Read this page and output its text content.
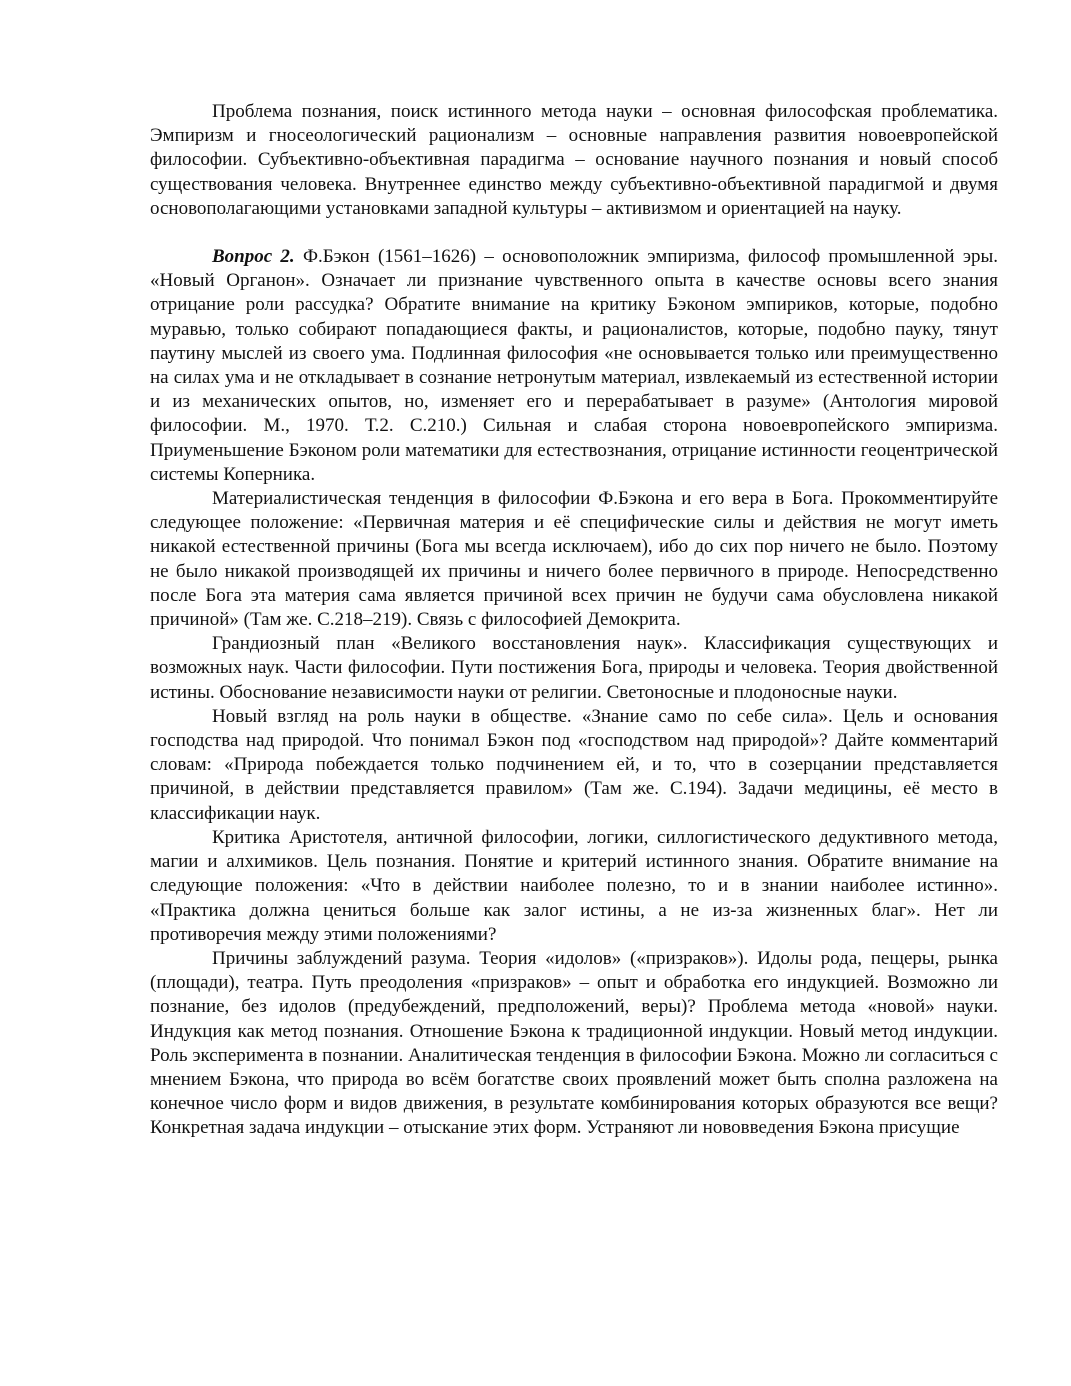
Проблема познания, поиск истинного метода науки – основная философская проблематика. Эмпиризм и гносеологический рационализм – основные направления развития новоевропейской философии. Субъективно-объективная парадигма – основание научного познания и новый способ существования человека. Внутреннее единство между субъективно-объективной парадигмой и двумя основополагающими установками западной культуры – активизмом и ориентацией на науку.

Вопрос 2. Ф.Бэкон (1561–1626) – основоположник эмпиризма, философ промышленной эры. «Новый Органон». Означает ли признание чувственного опыта в качестве основы всего знания отрицание роли рассудка? Обратите внимание на критику Бэконом эмпириков, которые, подобно муравью, только собирают попадающиеся факты, и рационалистов, которые, подобно пауку, тянут паутину мыслей из своего ума. Подлинная философия «не основывается только или преимущественно на силах ума и не откладывает в сознание нетронутым материал, извлекаемый из естественной истории и из механических опытов, но, изменяет его и перерабатывает в разуме» (Антология мировой философии. М., 1970. Т.2. С.210.) Сильная и слабая сторона новоевропейского эмпиризма. Приуменьшение Бэконом роли математики для естествознания, отрицание истинности геоцентрической системы Коперника.

Материалистическая тенденция в философии Ф.Бэкона и его вера в Бога. Прокомментируйте следующее положение: «Первичная материя и её специфические силы и действия не могут иметь никакой естественной причины (Бога мы всегда исключаем), ибо до сих пор ничего не было. Поэтому не было никакой производящей их причины и ничего более первичного в природе. Непосредственно после Бога эта материя сама является причиной всех причин не будучи сама обусловлена никакой причиной» (Там же. С.218–219). Связь с философией Демокрита.

Грандиозный план «Великого восстановления наук». Классификация существующих и возможных наук. Части философии. Пути постижения Бога, природы и человека. Теория двойственной истины. Обоснование независимости науки от религии. Светоносные и плодоносные науки.

Новый взгляд на роль науки в обществе. «Знание само по себе сила». Цель и основания господства над природой. Что понимал Бэкон под «господством над природой»? Дайте комментарий словам: «Природа побеждается только подчинением ей, и то, что в созерцании представляется причиной, в действии представляется правилом» (Там же. С.194). Задачи медицины, её место в классификации наук.

Критика Аристотеля, античной философии, логики, силлогистического дедуктивного метода, магии и алхимиков. Цель познания. Понятие и критерий истинного знания. Обратите внимание на следующие положения: «Что в действии наиболее полезно, то и в знании наиболее истинно». «Практика должна цениться больше как залог истины, а не из-за жизненных благ». Нет ли противоречия между этими положениями?

Причины заблуждений разума. Теория «идолов» («призраков»). Идолы рода, пещеры, рынка (площади), театра. Путь преодоления «призраков» – опыт и обработка его индукцией. Возможно ли познание, без идолов (предубеждений, предположений, веры)? Проблема метода «новой» науки. Индукция как метод познания. Отношение Бэкона к традиционной индукции. Новый метод индукции. Роль эксперимента в познании. Аналитическая тенденция в философии Бэкона. Можно ли согласиться с мнением Бэкона, что природа во всём богатстве своих проявлений может быть сполна разложена на конечное число форм и видов движения, в результате комбинирования которых образуются все вещи? Конкретная задача индукции – отыскание этих форм. Устраняют ли нововведения Бэкона присущие
